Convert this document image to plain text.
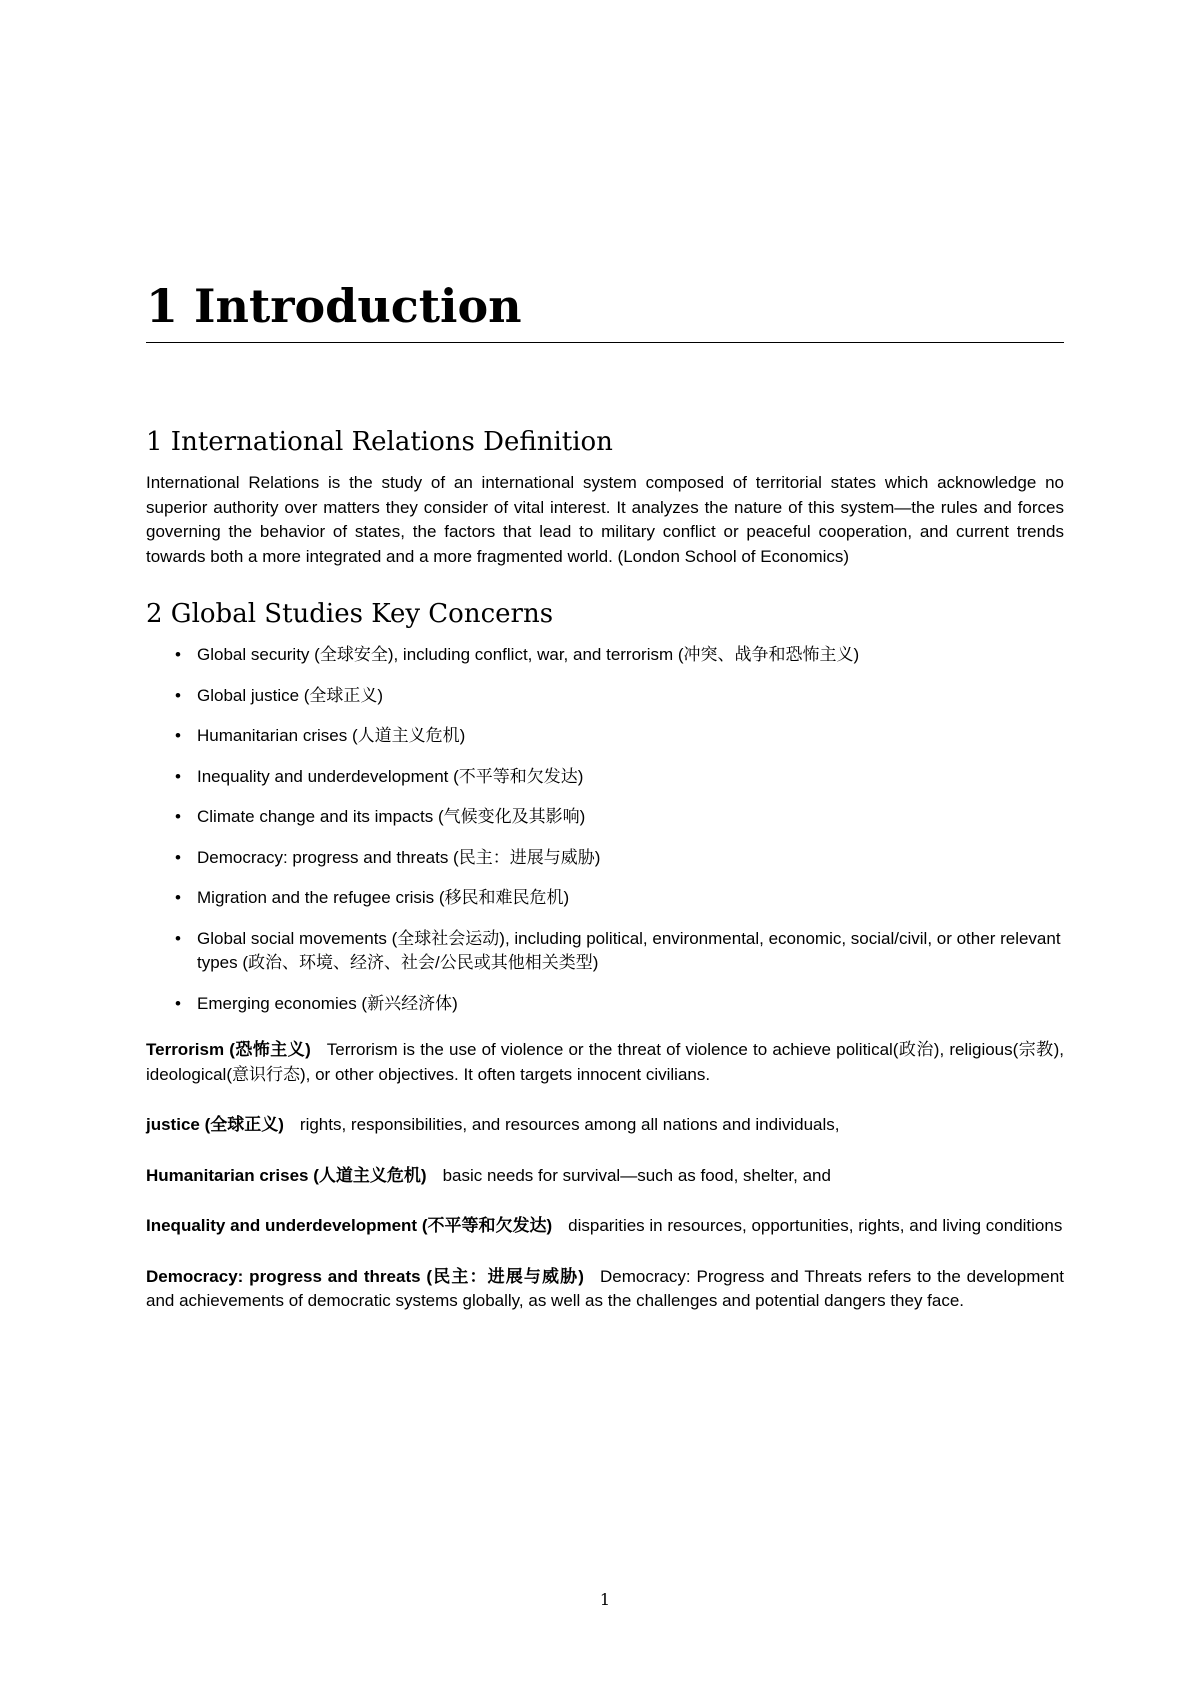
1 Introduction
1 International Relations Definition

International Relations is the study of an international system composed of territorial states which acknowledge no superior authority over matters they consider of vital interest. It analyzes the nature of this system—the rules and forces governing the behavior of states, the factors that lead to military conflict or peaceful cooperation, and current trends towards both a more integrated and a more fragmented world. (London School of Economics)

2 Global Studies Key Concerns
• Global security (全球安全), including conflict, war, and terrorism (冲突、战争和恐怖主义)
• Global justice (全球正义)
• Humanitarian crises (人道主义危机)
• Inequality and underdevelopment (不平等和欠发达)
• Climate change and its impacts (气候变化及其影响)
• Democracy: progress and threats (民主：进展与威胁)
• Migration and the refugee crisis (移民和难民危机)
• Global social movements (全球社会运动), including political, environmental, economic, social/civil, or other relevant types (政治、环境、经济、社会/公民或其他相关类型)
• Emerging economies (新兴经济体)

Terrorism (恐怖主义) Terrorism is the use of violence or the threat of violence to achieve political(政治), religious(宗教), ideological(意识行态), or other objectives. It often targets innocent civilians.

justice (全球正义) rights, responsibilities, and resources among all nations and individuals,

Humanitarian crises (人道主义危机) basic needs for survival—such as food, shelter, and

Inequality and underdevelopment (不平等和欠发达) disparities in resources, opportunities, rights, and living conditions

Democracy: progress and threats (民主：进展与威胁) Democracy: Progress and Threats refers to the development and achievements of democratic systems globally, as well as the challenges and potential dangers they face.

1
